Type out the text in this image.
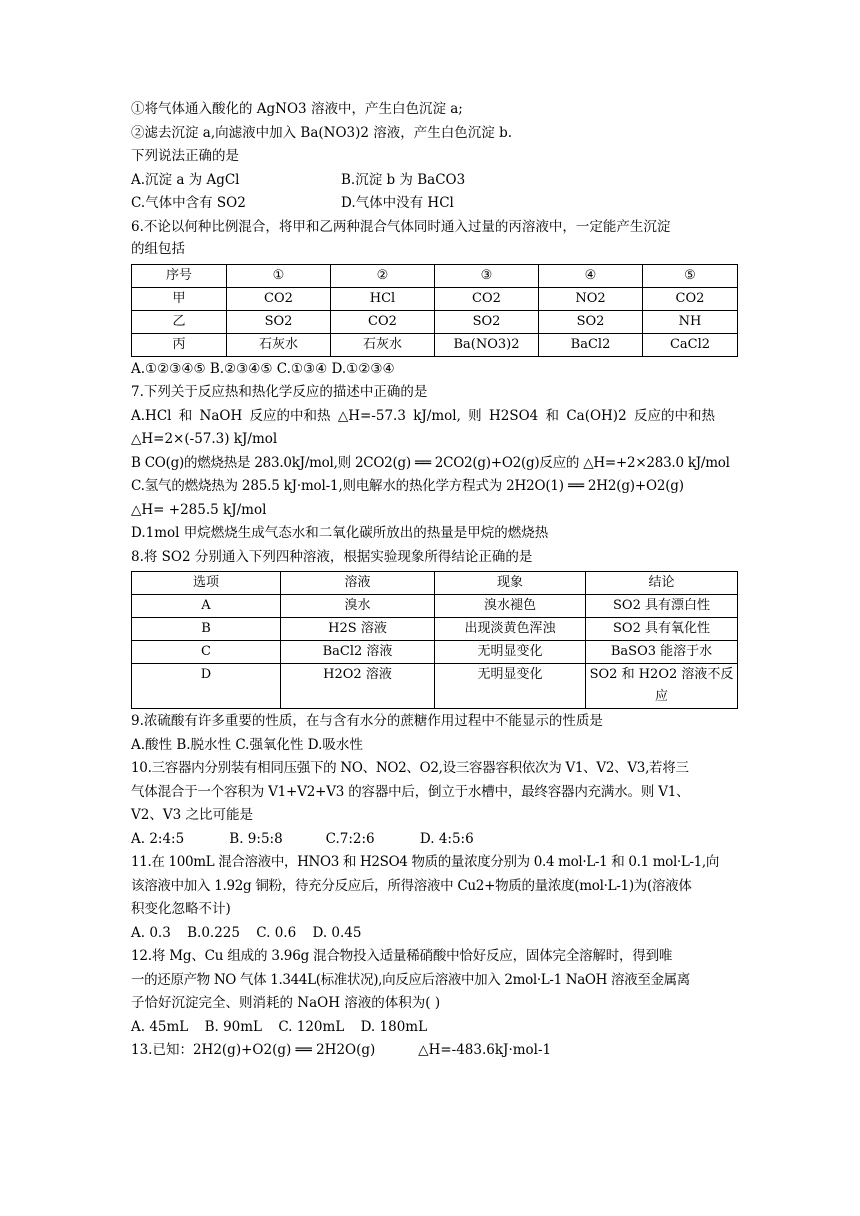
①将气体通入酸化的 AgNO3 溶液中，产生白色沉淀 a;
②滤去沉淀 a,向滤液中加入 Ba(NO3)2 溶液，产生白色沉淀 b.
下列说法正确的是
A.沉淀 a 为 AgCl	B.沉淀 b 为 BaCO3
C.气体中含有 SO2	D.气体中没有 HCl
6.不论以何种比例混合，将甲和乙两种混合气体同时通入过量的丙溶液中，一定能产生沉淀
的组包括
序号	①	②	③	④	⑤
甲	CO2	HCl	CO2	NO2	CO2
乙	SO2	CO2	SO2	SO2	NH
丙	石灰水	石灰水	Ba(NO3)2	BaCl2	CaCl2
A.①②③④⑤ B.②③④⑤ C.①③④ D.①②③④
7.下列关于反应热和热化学反应的描述中正确的是
A.HCl 和 NaOH 反应的中和热 △H=-57.3 kJ/mol, 则 H2SO4 和 Ca(OH)2 反应的中和热
△H=2×(-57.3) kJ/mol
B CO(g)的燃烧热是 283.0kJ/mol,则 2CO2(g) ══ 2CO2(g)+O2(g)反应的 △H=+2×283.0 kJ/mol
C.氢气的燃烧热为 285.5 kJ·mol-1,则电解水的热化学方程式为 2H2O(1) ══ 2H2(g)+O2(g)
△H= +285.5 kJ/mol
D.1mol 甲烷燃烧生成气态水和二氧化碳所放出的热量是甲烷的燃烧热
8.将 SO2 分别通入下列四种溶液，根据实验现象所得结论正确的是
选项	溶液	现象	结论
A	溴水	溴水褪色	SO2 具有漂白性
B	H2S 溶液	出现淡黄色浑浊	SO2 具有氧化性
C	BaCl2 溶液	无明显变化	BaSO3 能溶于水
D	H2O2 溶液	无明显变化	SO2 和 H2O2 溶液不反应
9.浓硫酸有许多重要的性质，在与含有水分的蔗糖作用过程中不能显示的性质是
A.酸性 B.脱水性 C.强氧化性 D.吸水性
10.三容器内分别装有相同压强下的 NO、NO2、O2,设三容器容积依次为 V1、V2、V3,若将三
气体混合于一个容积为 V1+V2+V3 的容器中后，倒立于水槽中，最终容器内充满水。则 V1、
V2、V3 之比可能是
A. 2:4:5	B. 9:5:8	C.7:2:6	D. 4:5:6
11.在 100mL 混合溶液中，HNO3 和 H2SO4 物质的量浓度分别为 0.4 mol·L-1 和 0.1 mol·L-1,向
该溶液中加入 1.92g 铜粉，待充分反应后，所得溶液中 Cu2+物质的量浓度(mol·L-1)为(溶液体
积变化忽略不计)
A. 0.3 B.0.225 C. 0.6 D. 0.45
12.将 Mg、Cu 组成的 3.96g 混合物投入适量稀硝酸中恰好反应，固体完全溶解时，得到唯
一的还原产物 NO 气体 1.344L(标准状况),向反应后溶液中加入 2mol·L-1 NaOH 溶液至金属离
子恰好沉淀完全、则消耗的 NaOH 溶液的体积为( )
A. 45mL B. 90mL C. 120mL D. 180mL
13.已知：2H2(g)+O2(g) ══ 2H2O(g)          △H=-483.6kJ·mol-1
